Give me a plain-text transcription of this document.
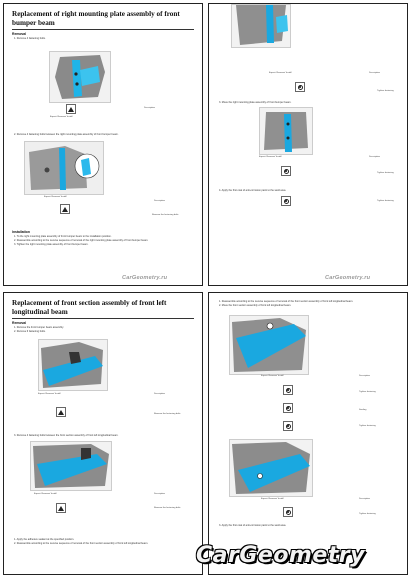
Replacement of right mounting plate assembly of front
bumper beam
Removal
1. Remove 4 fastening bolts.
Expert: Remove/ Install
Description
2. Remove 4 fastening bolts between the right mounting plate assembly of front bumper beam.
Expert: Remove/ Install
Description
Remove the fastening bolts
Installation
1. To the right mounting plate assembly of front bumper beam to the installation position.
2. Reassemble according to the reverse sequence of removal of the right mounting plate assembly of front bumper beam.
3. Tighten the right mounting plate assembly of front bumper beam.
CarGeometry.ru
Expert: Remove/ Install	Description
Tighten fastening
3. Move the right mounting plate assembly of front bumper beam.
Expert: Remove/ Install	Description
Tighten fastening
4. Apply the first coat of anti-corrosion paint to the weld area.
Tighten fastening
CarGeometry.ru
Replacement of front section assembly of front left
longitudinal beam
Removal
1. Remove the front bumper beam assembly.
2. Remove 6 fastening bolts.
Expert: Remove/ Install	Description
Remove the fastening bolts
3. Remove 4 fastening bolts between the front section assembly of front left longitudinal beam.
Expert: Remove/ Install	Description
Remove the fastening bolts
1. Apply the adhesive sealant at the specified position.
2. Reassemble according to the reverse sequence of removal of the front section assembly of front left longitudinal beam.
1. Reassemble according to the reverse sequence of removal of the front section assembly of front left longitudinal beam.
2. Move the front section assembly of front left longitudinal beam.
Expert: Remove/ Install	Description
Tighten fastening
Sealing
Tighten fastening
Expert: Remove/ Install	Description
Tighten fastening
3. Apply the first coat of anti-corrosion paint to the weld area.
CarGeometry
